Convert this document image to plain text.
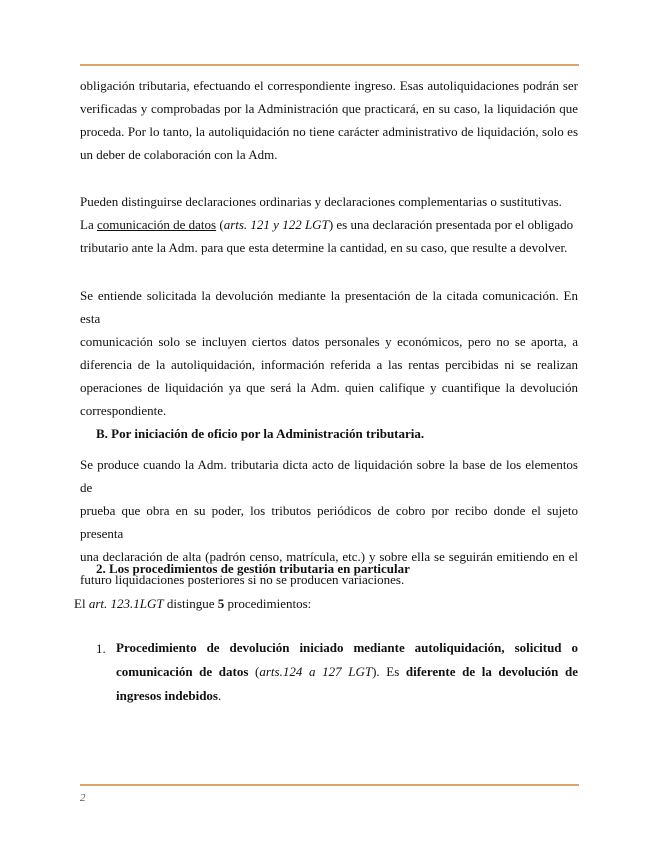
obligación tributaria, efectuando el correspondiente ingreso. Esas autoliquidaciones podrán ser
verificadas y comprobadas por la Administración que practicará, en su caso, la liquidación que
proceda. Por lo tanto, la autoliquidación no tiene carácter administrativo de liquidación, solo es
un deber de colaboración con la Adm.
Pueden distinguirse declaraciones ordinarias y declaraciones complementarias o sustitutivas.
La comunicación de datos (arts. 121 y 122 LGT) es una declaración presentada por el obligado
tributario ante la Adm. para que esta determine la cantidad, en su caso, que resulte a devolver.
Se entiende solicitada la devolución mediante la presentación de la citada comunicación. En esta
comunicación solo se incluyen ciertos datos personales y económicos, pero no se aporta, a
diferencia de la autoliquidación, información referida a las rentas percibidas ni se realizan
operaciones de liquidación ya que será la Adm. quien califique y cuantifique la devolución
correspondiente.
B. Por iniciación de oficio por la Administración tributaria.
Se produce cuando la Adm. tributaria dicta acto de liquidación sobre la base de los elementos de
prueba que obra en su poder, los tributos periódicos de cobro por recibo donde el sujeto presenta
una declaración de alta (padrón censo, matrícula, etc.) y sobre ella se seguirán emitiendo en el
futuro liquidaciones posteriores si no se producen variaciones.
2. Los procedimientos de gestión tributaria en particular
El art. 123.1LGT distingue 5 procedimientos:
1. Procedimiento de devolución iniciado mediante autoliquidación, solicitud o
comunicación de datos (arts.124 a 127 LGT). Es diferente de la devolución de
ingresos indebidos.
2
